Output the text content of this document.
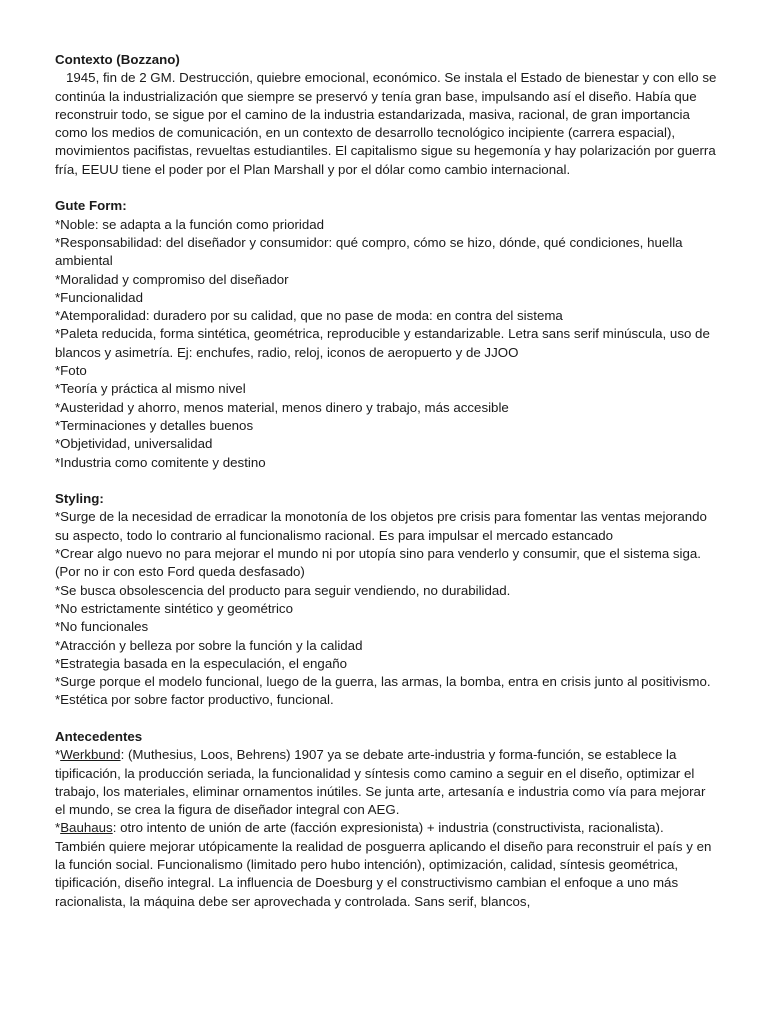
Contexto (Bozzano)

1945, fin de 2 GM. Destrucción, quiebre emocional, económico. Se instala el Estado de bienestar y con ello se continúa la industrialización que siempre se preservó y tenía gran base, impulsando así el diseño. Había que reconstruir todo, se sigue por el camino de la industria estandarizada, masiva, racional, de gran importancia como los medios de comunicación, en un contexto de desarrollo tecnológico incipiente (carrera espacial), movimientos pacifistas, revueltas estudiantiles. El capitalismo sigue su hegemonía y hay polarización por guerra fría, EEUU tiene el poder por el Plan Marshall y por el dólar como cambio internacional.

Gute Form:

*Noble: se adapta a la función como prioridad

*Responsabilidad: del diseñador y consumidor: qué compro, cómo se hizo, dónde, qué condiciones, huella ambiental

*Moralidad y compromiso del diseñador

*Funcionalidad

*Atemporalidad: duradero por su calidad, que no pase de moda: en contra del sistema

*Paleta reducida, forma sintética, geométrica, reproducible y estandarizable. Letra sans serif minúscula, uso de blancos y asimetría. Ej: enchufes, radio, reloj, iconos de aeropuerto y de JJOO

*Foto

*Teoría y práctica al mismo nivel

*Austeridad y ahorro, menos material, menos dinero y trabajo, más accesible

*Terminaciones y detalles buenos

*Objetividad, universalidad

*Industria como comitente y destino

Styling:

*Surge de la necesidad de erradicar la monotonía de los objetos pre crisis para fomentar las ventas mejorando su aspecto, todo lo contrario al funcionalismo racional. Es para impulsar el mercado estancado

*Crear algo nuevo no para mejorar el mundo ni por utopía sino para venderlo y consumir, que el sistema siga. (Por no ir con esto Ford queda desfasado)

*Se busca obsolescencia del producto para seguir vendiendo, no durabilidad.

*No estrictamente sintético y geométrico

*No funcionales

*Atracción y belleza por sobre la función y la calidad

*Estrategia basada en la especulación, el engaño

*Surge porque el modelo funcional, luego de la guerra, las armas, la bomba, entra en crisis junto al positivismo.

*Estética por sobre factor productivo, funcional.

Antecedentes

*Werkbund: (Muthesius, Loos, Behrens) 1907 ya se debate arte-industria y forma-función, se establece la tipificación, la producción seriada, la funcionalidad y síntesis como camino a seguir en el diseño, optimizar el trabajo, los materiales, eliminar ornamentos inútiles. Se junta arte, artesanía e industria como vía para mejorar el mundo, se crea la figura de diseñador integral con AEG.

*Bauhaus: otro intento de unión de arte (facción expresionista) + industria (constructivista, racionalista). También quiere mejorar utópicamente la realidad de posguerra aplicando el diseño para reconstruir el país y en la función social. Funcionalismo (limitado pero hubo intención), optimización, calidad, síntesis geométrica, tipificación, diseño integral. La influencia de Doesburg y el constructivismo cambian el enfoque a uno más racionalista, la máquina debe ser aprovechada y controlada. Sans serif, blancos,
